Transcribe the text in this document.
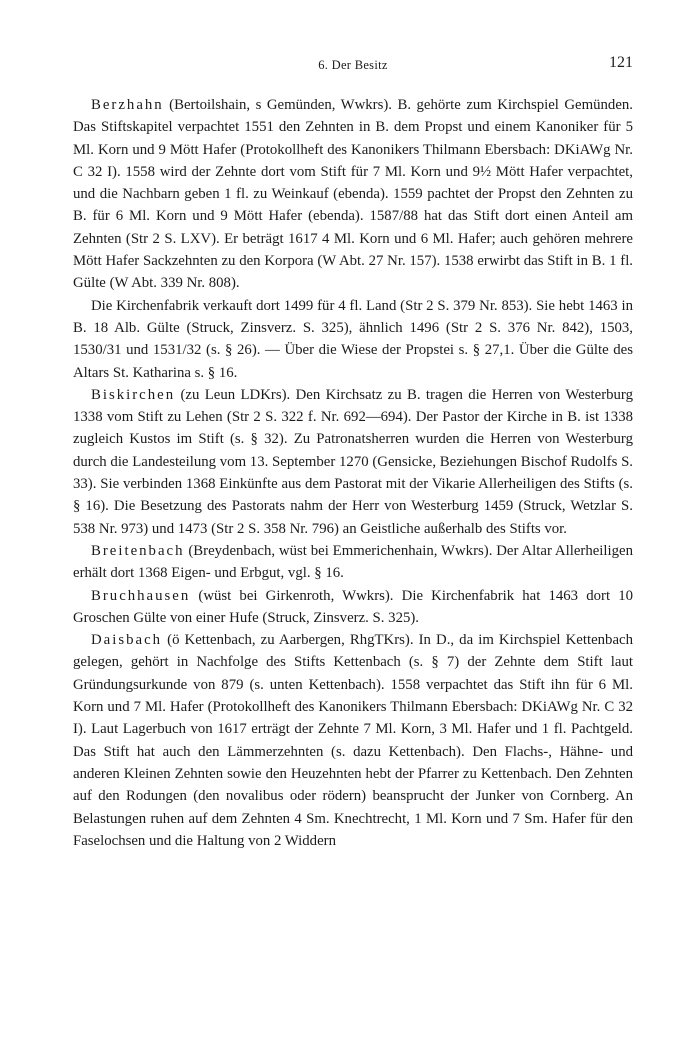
6. Der Besitz	121

Berzhahn (Bertoilshain, s Gemünden, Wwkrs). B. gehörte zum Kirchspiel Gemünden. Das Stiftskapitel verpachtet 1551 den Zehnten in B. dem Propst und einem Kanoniker für 5 Ml. Korn und 9 Mött Hafer (Protokollheft des Kanonikers Thilmann Ebersbach: DKiAWg Nr. C 32 I). 1558 wird der Zehnte dort vom Stift für 7 Ml. Korn und 9½ Mött Hafer verpachtet, und die Nachbarn geben 1 fl. zu Weinkauf (ebenda). 1559 pachtet der Propst den Zehnten zu B. für 6 Ml. Korn und 9 Mött Hafer (ebenda). 1587/88 hat das Stift dort einen Anteil am Zehnten (Str 2 S. LXV). Er beträgt 1617 4 Ml. Korn und 6 Ml. Hafer; auch gehören mehrere Mött Hafer Sackzehnten zu den Korpora (W Abt. 27 Nr. 157). 1538 erwirbt das Stift in B. 1 fl. Gülte (W Abt. 339 Nr. 808).

Die Kirchenfabrik verkauft dort 1499 für 4 fl. Land (Str 2 S. 379 Nr. 853). Sie hebt 1463 in B. 18 Alb. Gülte (Struck, Zinsverz. S. 325), ähnlich 1496 (Str 2 S. 376 Nr. 842), 1503, 1530/31 und 1531/32 (s. § 26). — Über die Wiese der Propstei s. § 27,1. Über die Gülte des Altars St. Katharina s. § 16.

Biskirchen (zu Leun LDKrs). Den Kirchsatz zu B. tragen die Herren von Westerburg 1338 vom Stift zu Lehen (Str 2 S. 322 f. Nr. 692—694). Der Pastor der Kirche in B. ist 1338 zugleich Kustos im Stift (s. § 32). Zu Patronatsherren wurden die Herren von Westerburg durch die Landesteilung vom 13. September 1270 (Gensicke, Beziehungen Bischof Rudolfs S. 33). Sie verbinden 1368 Einkünfte aus dem Pastorat mit der Vikarie Allerheiligen des Stifts (s. § 16). Die Besetzung des Pastorats nahm der Herr von Westerburg 1459 (Struck, Wetzlar S. 538 Nr. 973) und 1473 (Str 2 S. 358 Nr. 796) an Geistliche außerhalb des Stifts vor.

Breitenbach (Breydenbach, wüst bei Emmerichenhain, Wwkrs). Der Altar Allerheiligen erhält dort 1368 Eigen- und Erbgut, vgl. § 16.

Bruchhausen (wüst bei Girkenroth, Wwkrs). Die Kirchenfabrik hat 1463 dort 10 Groschen Gülte von einer Hufe (Struck, Zinsverz. S. 325).

Daisbach (ö Kettenbach, zu Aarbergen, RhgTKrs). In D., da im Kirchspiel Kettenbach gelegen, gehört in Nachfolge des Stifts Kettenbach (s. § 7) der Zehnte dem Stift laut Gründungsurkunde von 879 (s. unten Kettenbach). 1558 verpachtet das Stift ihn für 6 Ml. Korn und 7 Ml. Hafer (Protokollheft des Kanonikers Thilmann Ebersbach: DKiAWg Nr. C 32 I). Laut Lagerbuch von 1617 erträgt der Zehnte 7 Ml. Korn, 3 Ml. Hafer und 1 fl. Pachtgeld. Das Stift hat auch den Lämmerzehnten (s. dazu Kettenbach). Den Flachs-, Hähne- und anderen Kleinen Zehnten sowie den Heuzehnten hebt der Pfarrer zu Kettenbach. Den Zehnten auf den Rodungen (den novalibus oder rödern) beansprucht der Junker von Cornberg. An Belastungen ruhen auf dem Zehnten 4 Sm. Knechtrecht, 1 Ml. Korn und 7 Sm. Hafer für den Faselochsen und die Haltung von 2 Widdern
